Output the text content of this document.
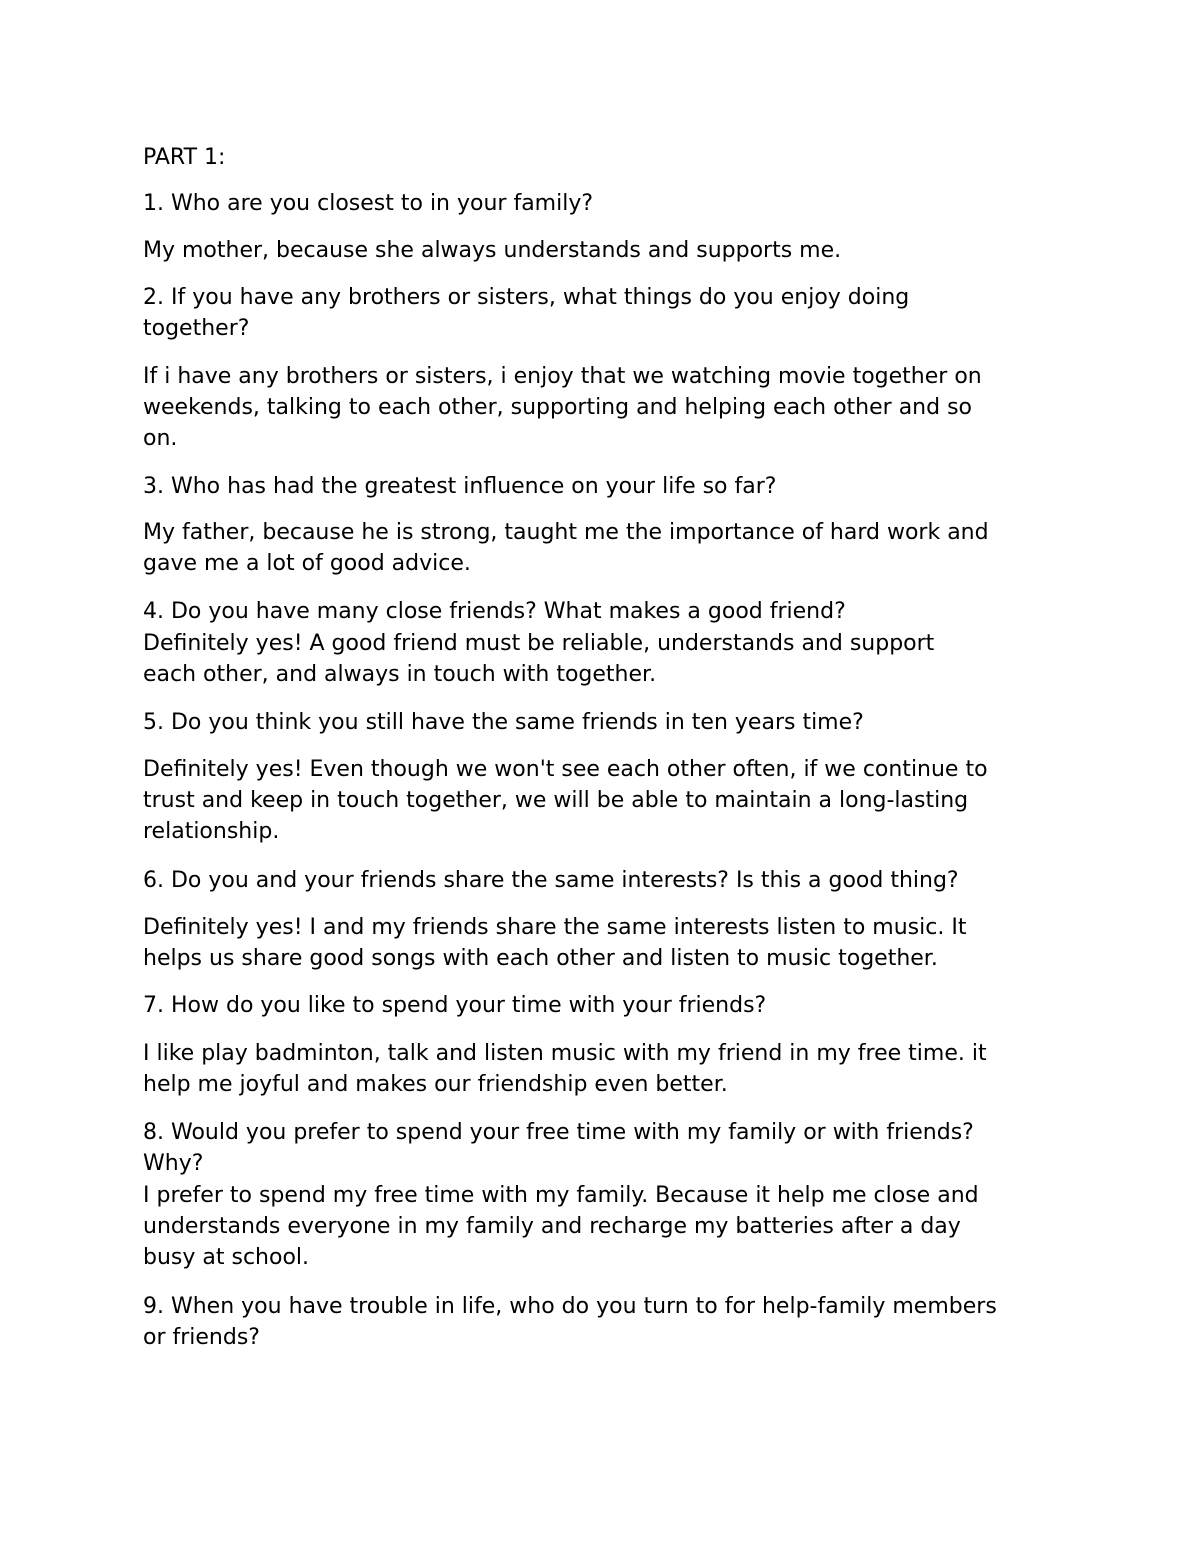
PART 1:

1. Who are you closest to in your family?

My mother, because she always understands and supports me.

2. If you have any brothers or sisters, what things do you enjoy doing
together?

If i have any brothers or sisters, i enjoy that we watching movie together on
weekends, talking to each other, supporting and helping each other and so
on.

3. Who has had the greatest influence on your life so far?

My father, because he is strong, taught me the importance of hard work and
gave me a lot of good advice.

4. Do you have many close friends? What makes a good friend?

Definitely yes! A good friend must be reliable, understands and support
each other, and always in touch with together.

5. Do you think you still have the same friends in ten years time?

Definitely yes! Even though we won't see each other often, if we continue to
trust and keep in touch together, we will be able to maintain a long-lasting
relationship.

6. Do you and your friends share the same interests? Is this a good thing?

Definitely yes! I and my friends share the same interests listen to music. It
helps us share good songs with each other and listen to music together.

7. How do you like to spend your time with your friends?

I like play badminton, talk and listen music with my friend in my free time. it
help me joyful and makes our friendship even better.

8. Would you prefer to spend your free time with my family or with friends?
Why?

I prefer to spend my free time with my family. Because it help me close and
understands everyone in my family and recharge my batteries after a day
busy at school.

9. When you have trouble in life, who do you turn to for help-family members
or friends?
